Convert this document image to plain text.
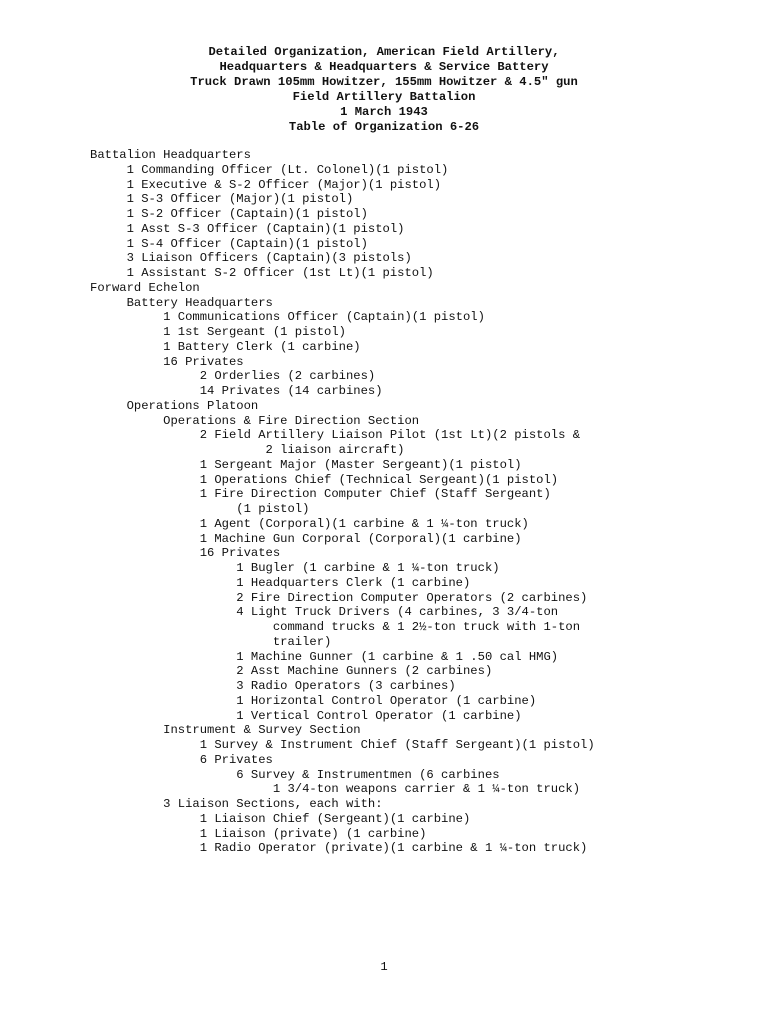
Detailed Organization, American Field Artillery,
Headquarters & Headquarters & Service Battery
Truck Drawn 105mm Howitzer, 155mm Howitzer & 4.5" gun
Field Artillery Battalion
1 March 1943
Table of Organization 6-26
Battalion Headquarters
1 Commanding Officer (Lt. Colonel)(1 pistol)
1 Executive & S-2 Officer (Major)(1 pistol)
1 S-3 Officer (Major)(1 pistol)
1 S-2 Officer (Captain)(1 pistol)
1 Asst S-3 Officer (Captain)(1 pistol)
1 S-4 Officer (Captain)(1 pistol)
3 Liaison Officers (Captain)(3 pistols)
1 Assistant S-2 Officer (1st Lt)(1 pistol)
Forward Echelon
Battery Headquarters
1 Communications Officer (Captain)(1 pistol)
1 1st Sergeant (1 pistol)
1 Battery Clerk (1 carbine)
16 Privates
2 Orderlies (2 carbines)
14 Privates (14 carbines)
Operations Platoon
Operations & Fire Direction Section
2 Field Artillery Liaison Pilot (1st Lt)(2 pistols &
2 liaison aircraft)
1 Sergeant Major (Master Sergeant)(1 pistol)
1 Operations Chief (Technical Sergeant)(1 pistol)
1 Fire Direction Computer Chief (Staff Sergeant)
(1 pistol)
1 Agent (Corporal)(1 carbine & 1 ¼-ton truck)
1 Machine Gun Corporal (Corporal)(1 carbine)
16 Privates
1 Bugler (1 carbine & 1 ¼-ton truck)
1 Headquarters Clerk (1 carbine)
2 Fire Direction Computer Operators (2 carbines)
4 Light Truck Drivers (4 carbines, 3 3/4-ton
command trucks & 1 2½-ton truck with 1-ton
trailer)
1 Machine Gunner (1 carbine & 1 .50 cal HMG)
2 Asst Machine Gunners (2 carbines)
3 Radio Operators (3 carbines)
1 Horizontal Control Operator (1 carbine)
1 Vertical Control Operator (1 carbine)
Instrument & Survey Section
1 Survey & Instrument Chief (Staff Sergeant)(1 pistol)
6 Privates
6 Survey & Instrumentmen (6 carbines
1 3/4-ton weapons carrier & 1 ¼-ton truck)
3 Liaison Sections, each with:
1 Liaison Chief (Sergeant)(1 carbine)
1 Liaison (private) (1 carbine)
1 Radio Operator (private)(1 carbine & 1 ¼-ton truck)
1
